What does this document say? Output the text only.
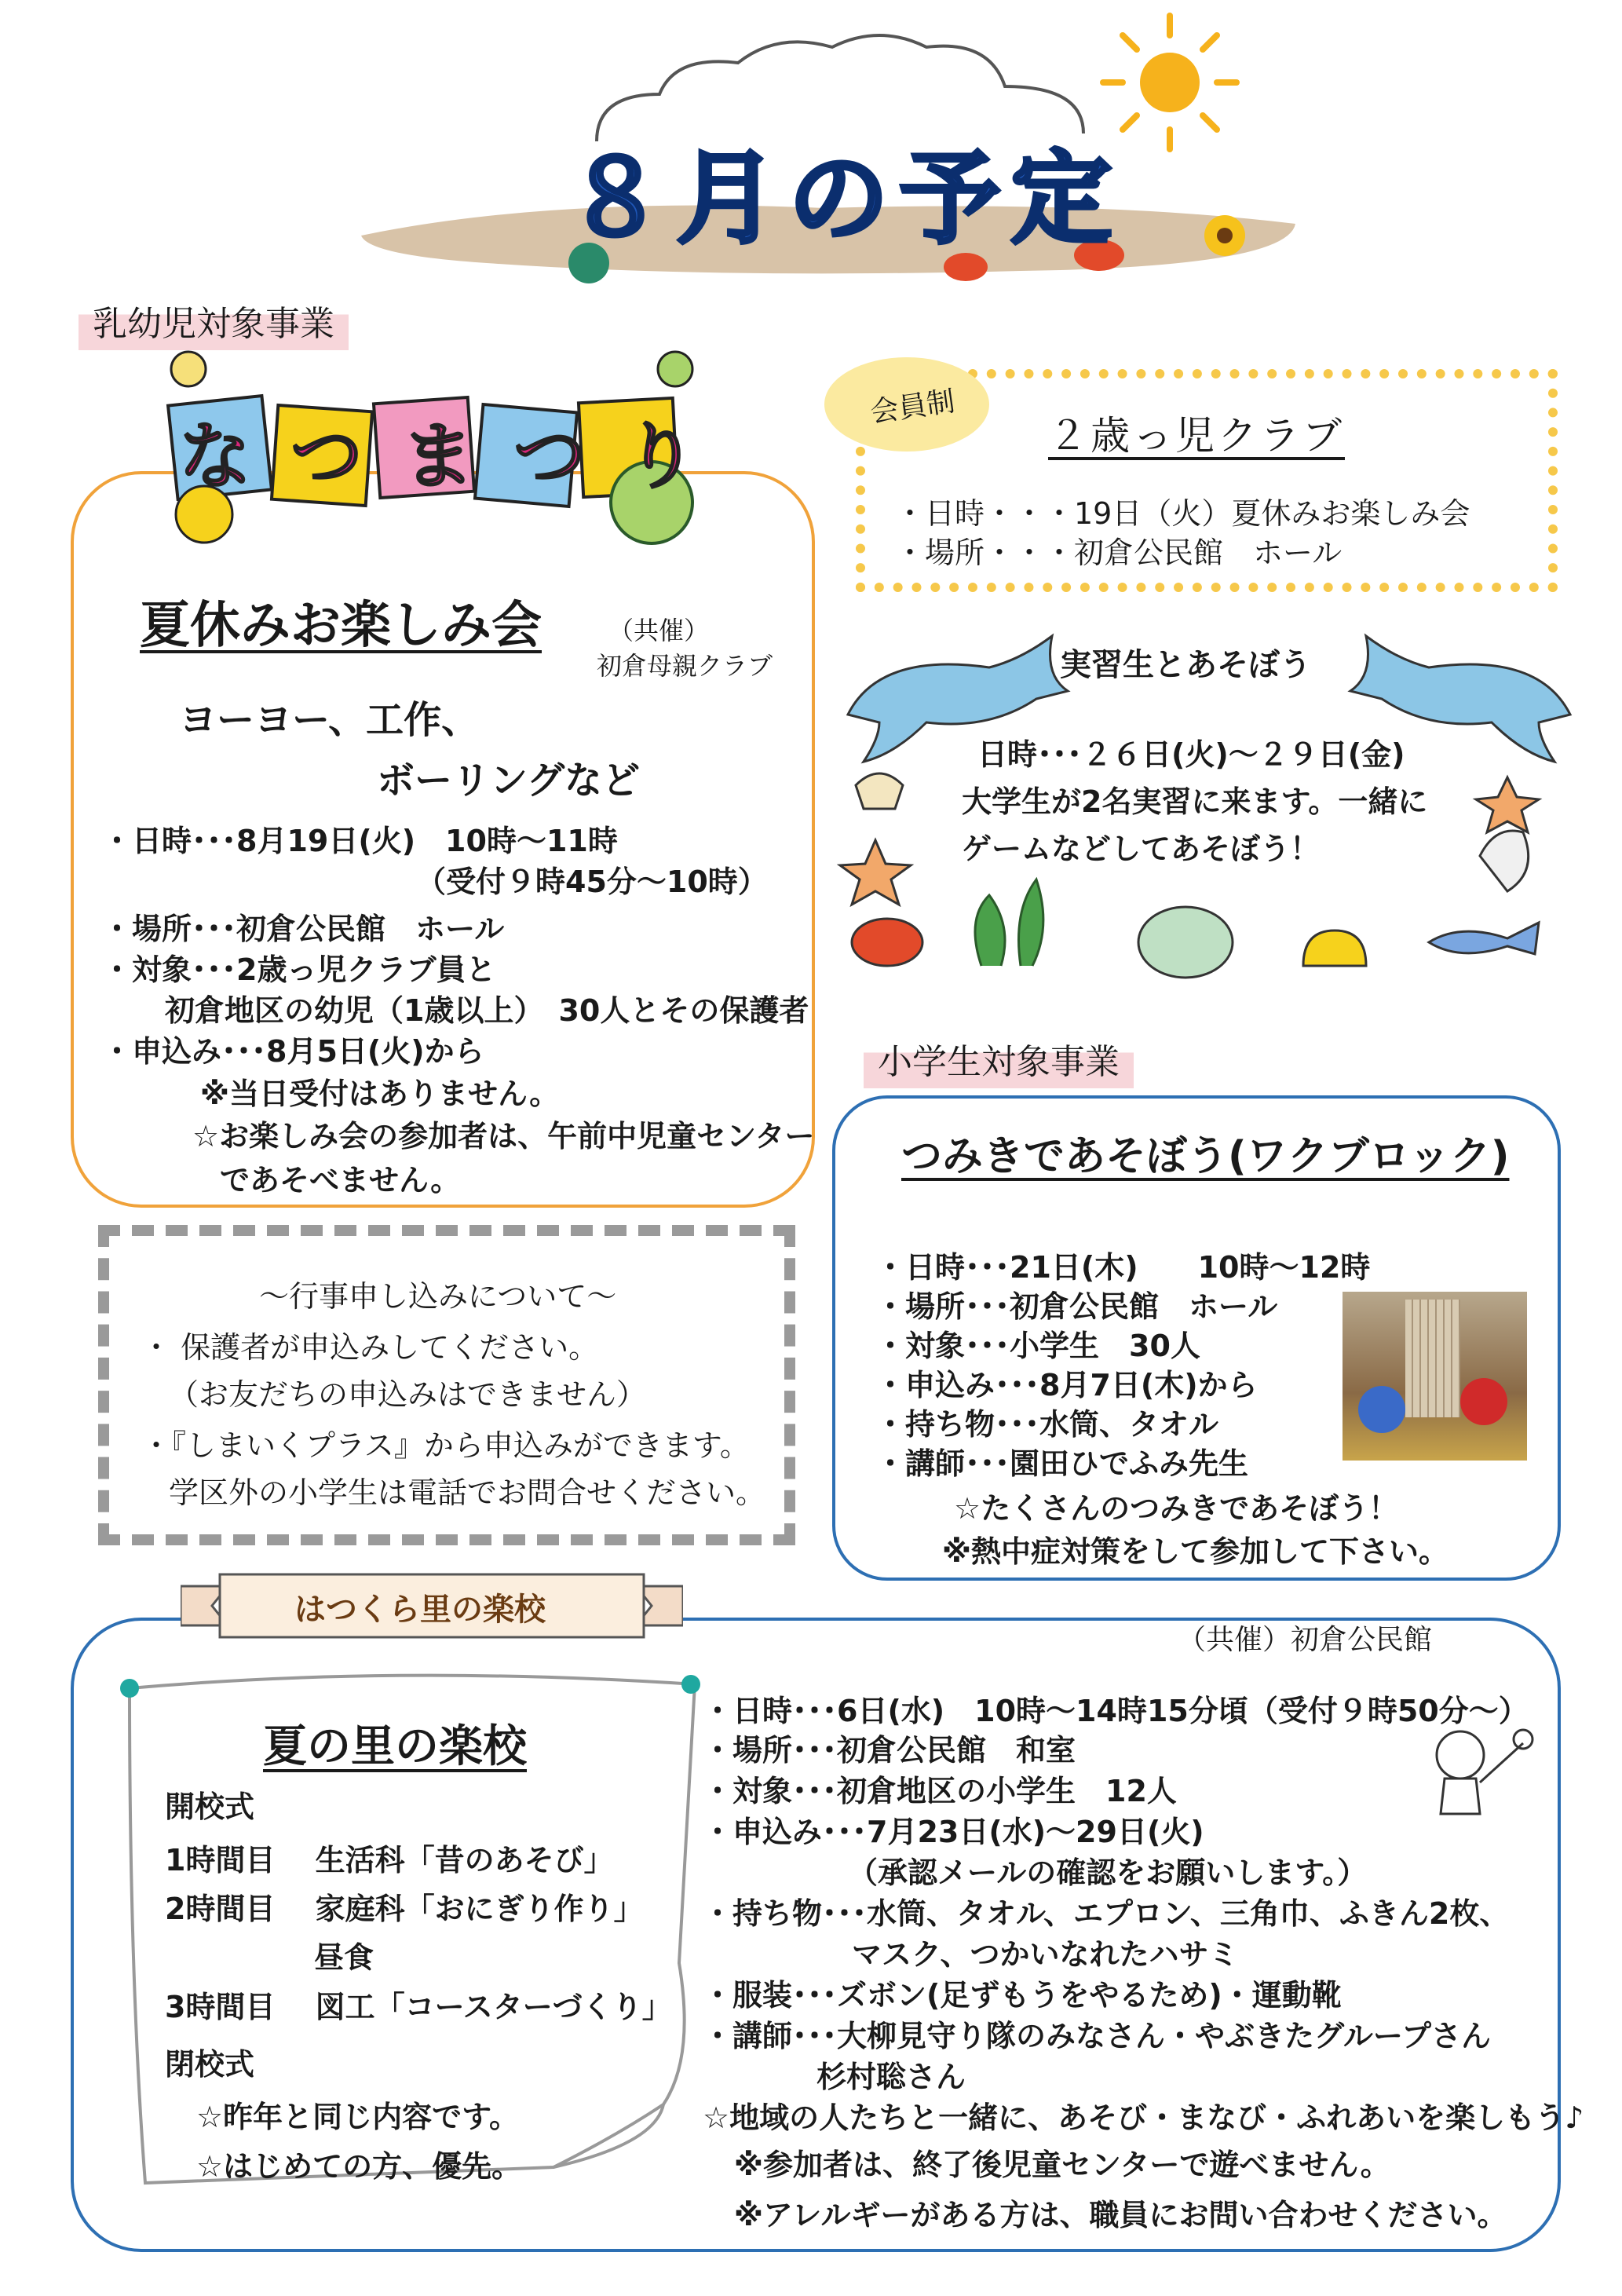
８月の予定
乳幼児対象事業
なつまつり
夏休みお楽しみ会	（共催）
初倉母親クラブ
ヨーヨー、工作、
ボーリングなど
・日時･･･8月19日(火)　10時～11時
（受付９時45分～10時）
・場所･･･初倉公民館　ホール
・対象･･･2歳っ児クラブ員と
初倉地区の幼児（1歳以上）　30人とその保護者
・申込み･･･8月5日(火)から
※当日受付はありません。
☆お楽しみ会の参加者は、午前中児童センター
であそべません。
会員制
２歳っ児クラブ
・日時・・・19日（火）夏休みお楽しみ会
・場所・・・初倉公民館　ホール
実習生とあそぼう
日時･･･２６日(火)～２９日(金)
大学生が2名実習に来ます。一緒に
ゲームなどしてあそぼう！
小学生対象事業
つみきであそぼう(ワクブロック)
・日時･･･21日(木)　　10時～12時
・場所･･･初倉公民館　ホール
・対象･･･小学生　30人
・申込み･･･8月7日(木)から
・持ち物･･･水筒、タオル
・講師･･･園田ひでふみ先生
☆たくさんのつみきであそぼう！
※熱中症対策をして参加して下さい。
～行事申し込みについて～
・ 保護者が申込みしてください。
（お友だちの申込みはできません）
・『しまいくプラス』から申込みができます。
学区外の小学生は電話でお問合せください。
はつくら里の楽校
（共催）初倉公民館
夏の里の楽校
開校式
1時間目　 生活科「昔のあそび」
2時間目　 家庭科「おにぎり作り」
昼食
3時間目　 図工「コースターづくり」
閉校式
☆昨年と同じ内容です。
☆はじめての方、優先。
・日時･･･6日(水)　10時～14時15分頃（受付９時50分～）
・場所･･･初倉公民館　和室
・対象･･･初倉地区の小学生　12人
・申込み･･･7月23日(水)～29日(火)
（承認メールの確認をお願いします。）
・持ち物･･･水筒、タオル、エプロン、三角巾、ふきん2枚、
マスク、つかいなれたハサミ
・服装･･･ズボン(足ずもうをやるため)・運動靴
・講師･･･大柳見守り隊のみなさん・やぶきたグループさん
杉村聡さん
☆地域の人たちと一緒に、あそび・まなび・ふれあいを楽しもう♪
※参加者は、終了後児童センターで遊べません。
※アレルギーがある方は、職員にお問い合わせください。
